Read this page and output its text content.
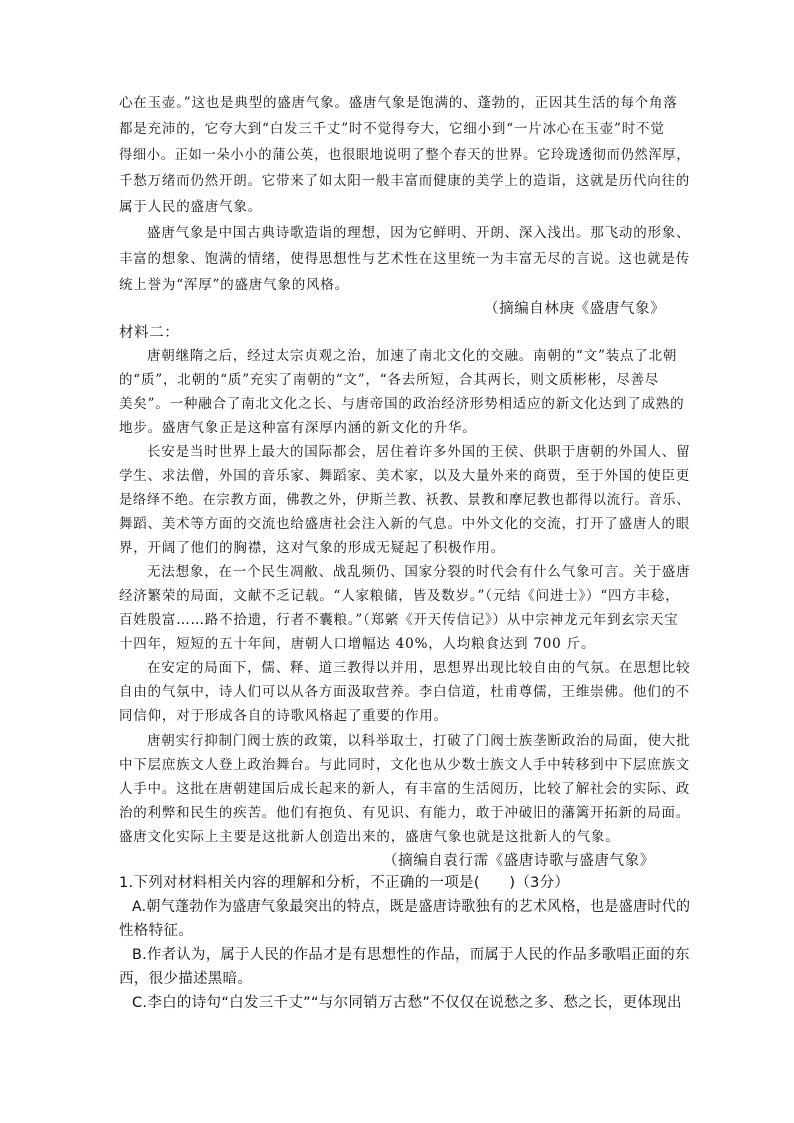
心在玉壶。”这也是典型的盛唐气象。盛唐气象是饱满的、蓬勃的，正因其生活的每个角落
都是充沛的，它夸大到“白发三千丈”时不觉得夸大，它细小到“一片冰心在玉壶”时不觉
得细小。正如一朵小小的蒲公英，也很眼地说明了整个春天的世界。它玲珑透彻而仍然浑厚，
千愁万绪而仍然开朗。它带来了如太阳一般丰富而健康的美学上的造诣，这就是历代向往的
属于人民的盛唐气象。
盛唐气象是中国古典诗歌造诣的理想，因为它鲜明、开朗、深入浅出。那飞动的形象、
丰富的想象、饱满的情绪，使得思想性与艺术性在这里统一为丰富无尽的言说。这也就是传
统上誉为“浑厚”的盛唐气象的风格。
（摘编自林庚《盛唐气象》
材料二：
唐朝继隋之后，经过太宗贞观之治，加速了南北文化的交融。南朝的“文”装点了北朝
的“质”，北朝的“质”充实了南朝的“文”，“各去所短，合其两长，则文质彬彬，尽善尽
美矣”。一种融合了南北文化之长、与唐帝国的政治经济形势相适应的新文化达到了成熟的
地步。盛唐气象正是这种富有深厚内涵的新文化的升华。
长安是当时世界上最大的国际都会，居住着许多外国的王侯、供职于唐朝的外国人、留
学生、求法僧，外国的音乐家、舞蹈家、美术家，以及大量外来的商贾，至于外国的使臣更
是络绎不绝。在宗教方面，佛教之外，伊斯兰教、袄教、景教和摩尼教也都得以流行。音乐、
舞蹈、美术等方面的交流也给盛唐社会注入新的气息。中外文化的交流，打开了盛唐人的眼
界，开阔了他们的胸襟，这对气象的形成无疑起了积极作用。
无法想象，在一个民生凋敝、战乱频仍、国家分裂的时代会有什么气象可言。关于盛唐
经济繁荣的局面，文献不乏记载。“人家粮储，皆及数岁。”（元结《问进士》）“四方丰稔，
百姓殷富……路不拾遗，行者不囊粮。”（郑綮《开天传信记》）从中宗神龙元年到玄宗天宝
十四年，短短的五十年间，唐朝人口增幅达 40%，人均粮食达到 700 斤。
在安定的局面下，儒、释、道三教得以并用，思想界出现比较自由的气氛。在思想比较
自由的气氛中，诗人们可以从各方面汲取营养。李白信道，杜甫尊儒，王维崇佛。他们的不
同信仰，对于形成各自的诗歌风格起了重要的作用。
唐朝实行抑制门阀士族的政策，以科举取士，打破了门阀士族垄断政治的局面，使大批
中下层庶族文人登上政治舞台。与此同时，文化也从少数士族文人手中转移到中下层庶族文
人手中。这批在唐朝建国后成长起来的新人，有丰富的生活阅历，比较了解社会的实际、政
治的利弊和民生的疾苦。他们有抱负、有见识、有能力，敢于冲破旧的藩篱开拓新的局面。
盛唐文化实际上主要是这批新人创造出来的，盛唐气象也就是这批新人的气象。
（摘编自袁行霈《盛唐诗歌与盛唐气象》
1.下列对材料相关内容的理解和分析，不正确的一项是(　　)（3分）
A.朝气蓬勃作为盛唐气象最突出的特点，既是盛唐诗歌独有的艺术风格，也是盛唐时代的
性格特征。
B.作者认为，属于人民的作品才是有思想性的作品，而属于人民的作品多歌唱正面的东
西，很少描述黑暗。
C.李白的诗句“白发三千丈”“与尔同销万古愁”不仅仅在说愁之多、愁之长，更体现出
